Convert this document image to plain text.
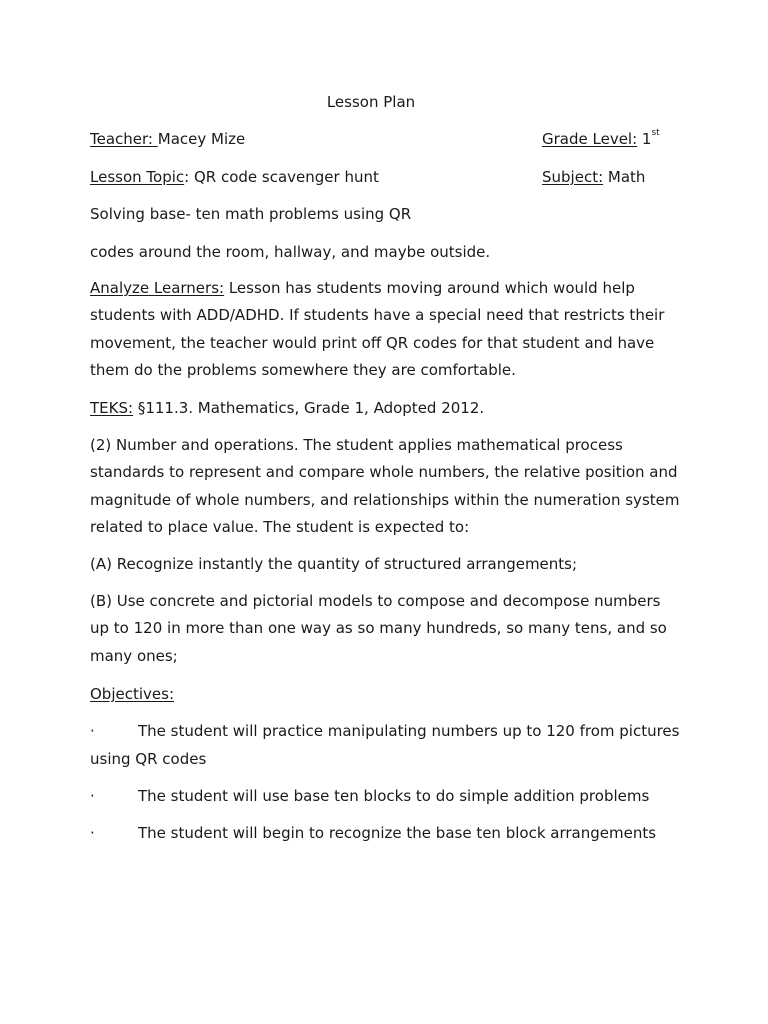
Lesson Plan
Teacher: Macey Mize	Grade Level: 1st
Lesson Topic: QR code scavenger hunt	Subject: Math
Solving base- ten math problems using QR
codes around the room, hallway, and maybe outside.
Analyze Learners: Lesson has students moving around which would help students with ADD/ADHD. If students have a special need that restricts their movement, the teacher would print off QR codes for that student and have them do the problems somewhere they are comfortable.
TEKS: §111.3. Mathematics, Grade 1, Adopted 2012.
(2) Number and operations. The student applies mathematical process standards to represent and compare whole numbers, the relative position and magnitude of whole numbers, and relationships within the numeration system related to place value. The student is expected to:
(A) Recognize instantly the quantity of structured arrangements;
(B) Use concrete and pictorial models to compose and decompose numbers up to 120 in more than one way as so many hundreds, so many tens, and so many ones;
Objectives:
·	The student will practice manipulating numbers up to 120 from pictures using QR codes
·	The student will use base ten blocks to do simple addition problems
·	The student will begin to recognize the base ten block arrangements
